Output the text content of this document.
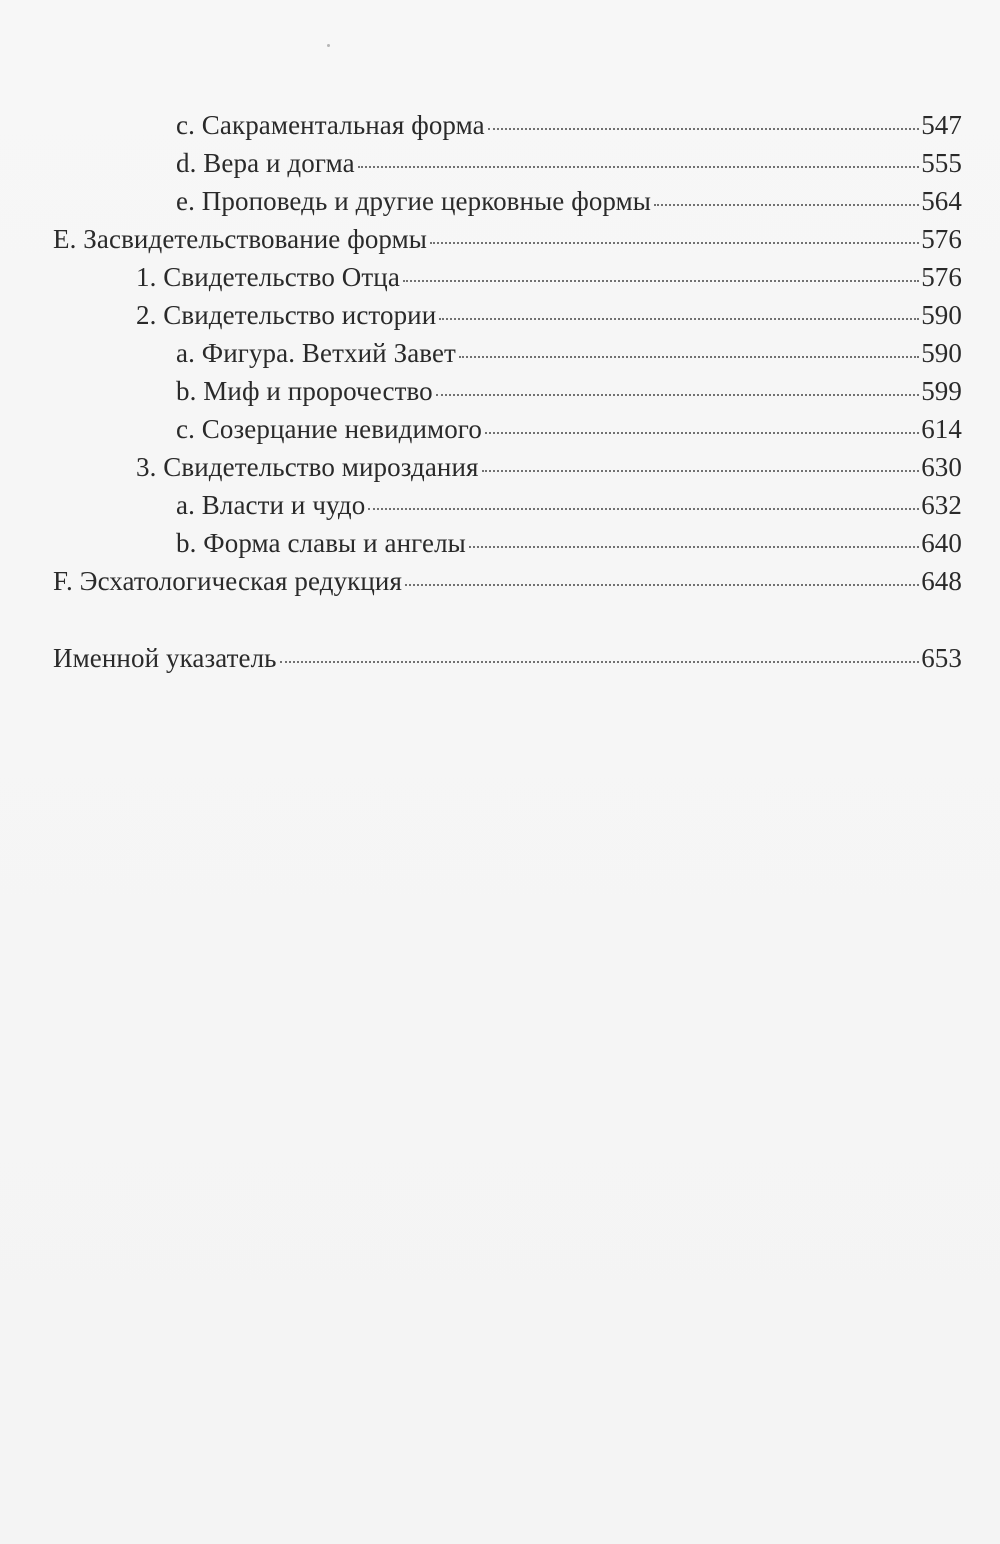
c. Сакраментальная форма	547
d. Вера и догма	555
e. Проповедь и другие церковные формы	564
E. Засвидетельствование формы	576
1. Свидетельство Отца	576
2. Свидетельство истории	590
a. Фигура. Ветхий Завет	590
b. Миф и пророчество	599
c. Созерцание невидимого	614
3. Свидетельство мироздания	630
a. Власти и чудо	632
b. Форма славы и ангелы	640
F. Эсхатологическая редукция	648
Именной указатель	653
